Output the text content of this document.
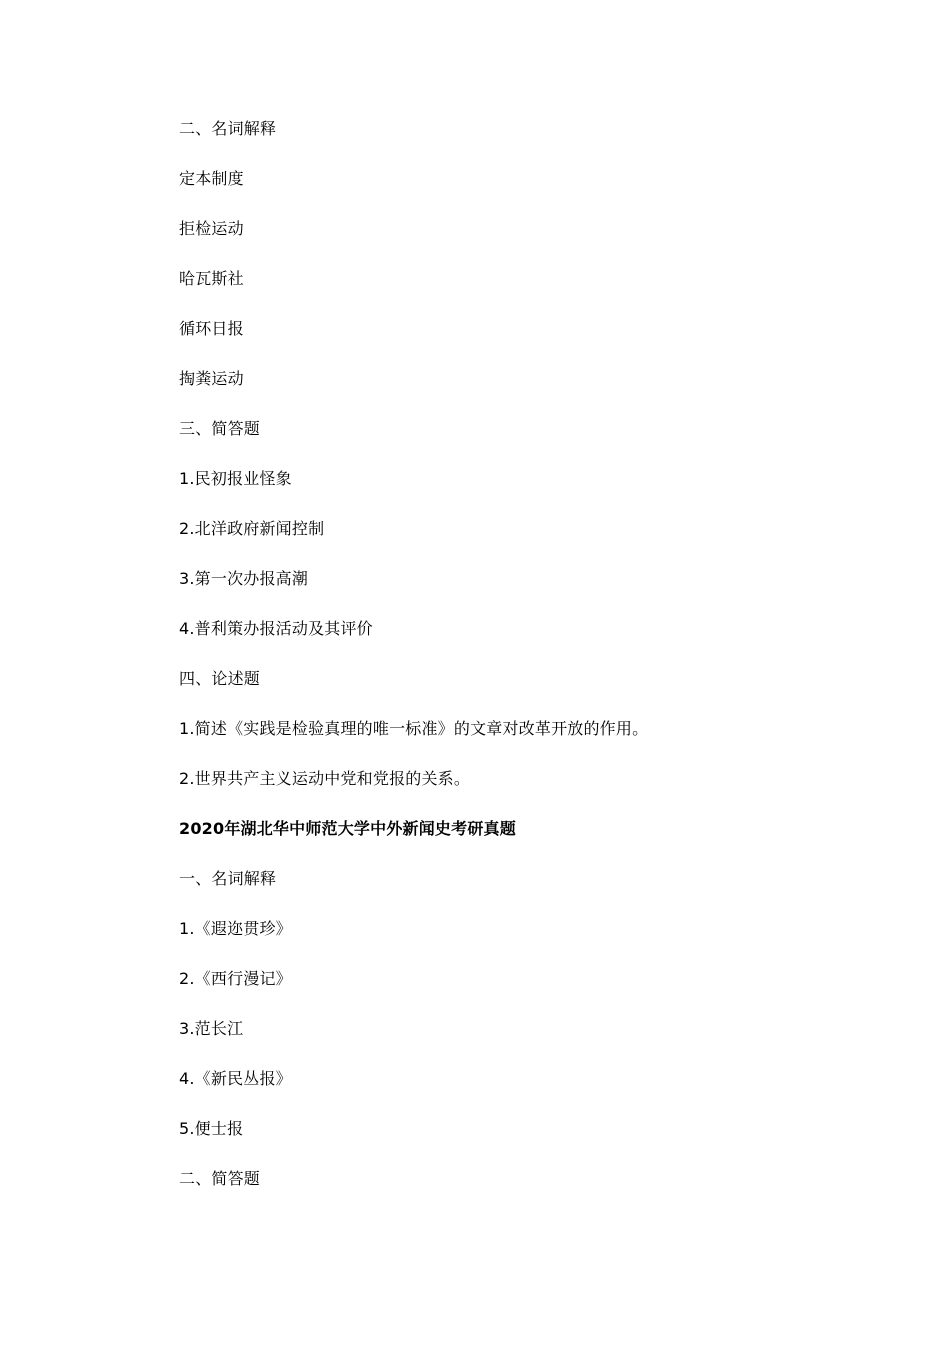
二、名词解释
定本制度
拒检运动
哈瓦斯社
循环日报
掏粪运动
三、简答题
1.民初报业怪象
2.北洋政府新闻控制
3.第一次办报高潮
4.普利策办报活动及其评价
四、论述题
1.简述《实践是检验真理的唯一标准》的文章对改革开放的作用。
2.世界共产主义运动中党和党报的关系。
2020年湖北华中师范大学中外新闻史考研真题
一、名词解释
1.《遐迩贯珍》
2.《西行漫记》
3.范长江
4.《新民丛报》
5.便士报
二、简答题
